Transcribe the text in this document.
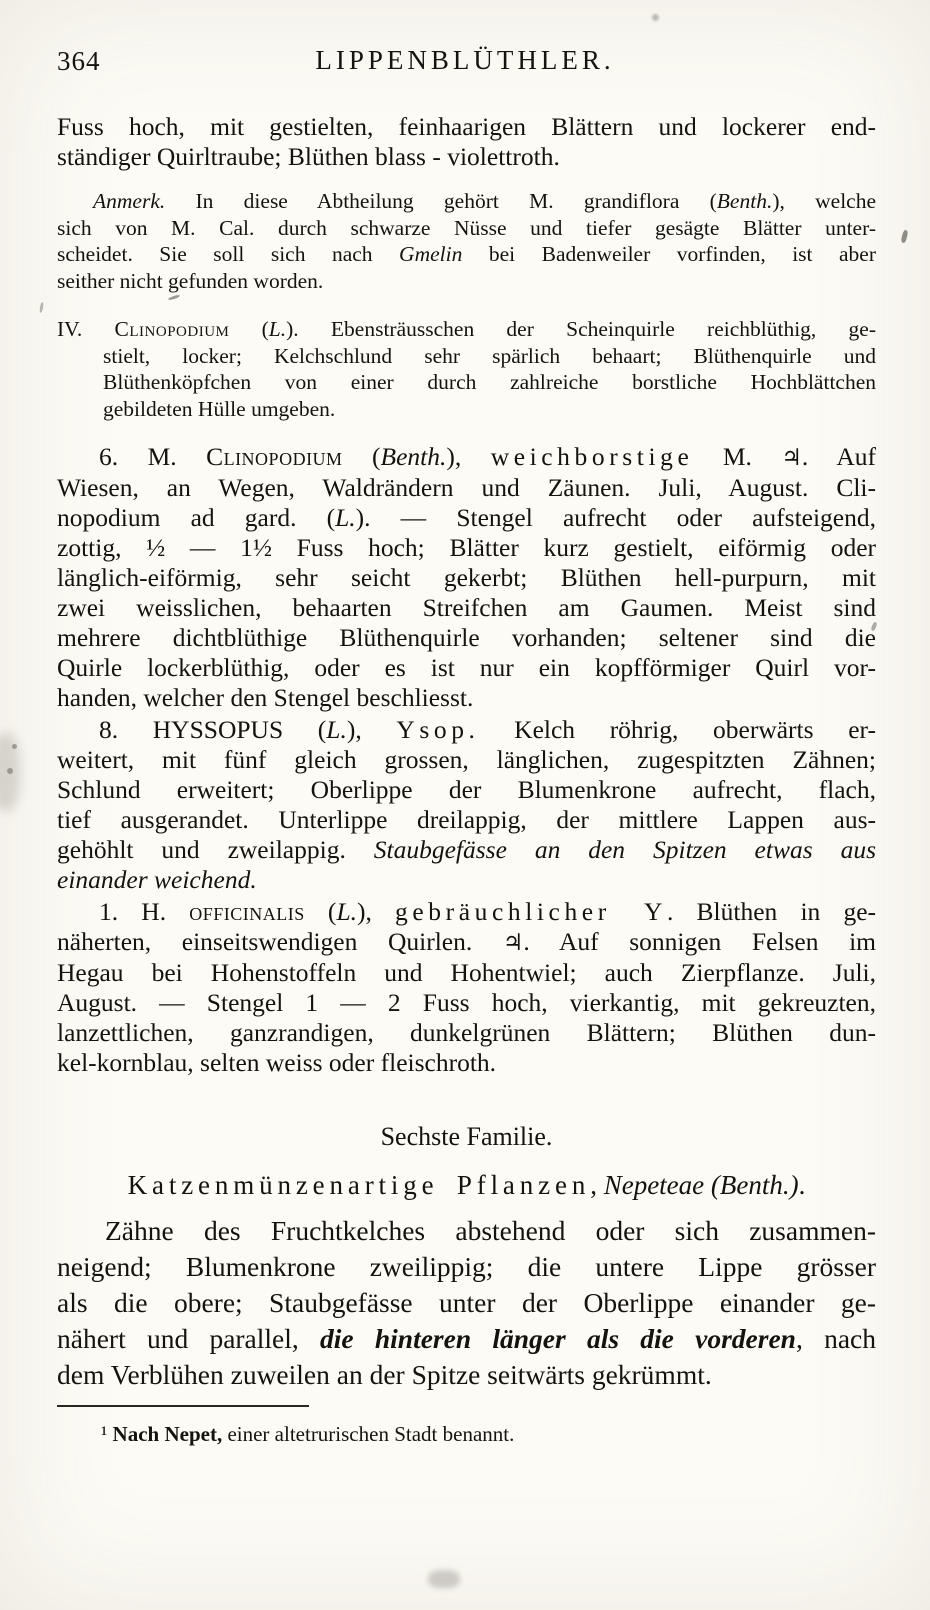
364	LIPPENBLÜTHLER.
Fuss hoch, mit gestielten, feinhaarigen Blättern und lockerer end-
ständiger Quirltraube; Blüthen blass - violettroth.
Anmerk. In diese Abtheilung gehört M. grandiflora (Benth.), welche
sich von M. Cal. durch schwarze Nüsse und tiefer gesägte Blätter unter-
scheidet. Sie soll sich nach Gmelin bei Badenweiler vorfinden, ist aber
seither nicht gefunden worden.
IV. Clinopodium (L.). Ebensträusschen der Scheinquirle reichblüthig, ge-
stielt, locker; Kelchschlund sehr spärlich behaart; Blüthenquirle und
Blüthenköpfchen von einer durch zahlreiche borstliche Hochblättchen
gebildeten Hülle umgeben.
6. M. Clinopodium (Benth.), weichborstige M. ♃. Auf
Wiesen, an Wegen, Waldrändern und Zäunen. Juli, August. Cli-
nopodium ad gard. (L.). — Stengel aufrecht oder aufsteigend,
zottig, ½ — 1½ Fuss hoch; Blätter kurz gestielt, eiförmig oder
länglich-eiförmig, sehr seicht gekerbt; Blüthen hell-purpurn, mit
zwei weisslichen, behaarten Streifchen am Gaumen. Meist sind
mehrere dichtblüthige Blüthenquirle vorhanden; seltener sind die
Quirle lockerblüthig, oder es ist nur ein kopfförmiger Quirl vor-
handen, welcher den Stengel beschliesst.
8. HYSSOPUS (L.), Ysop. Kelch röhrig, oberwärts er-
weitert, mit fünf gleich grossen, länglichen, zugespitzten Zähnen;
Schlund erweitert; Oberlippe der Blumenkrone aufrecht, flach,
tief ausgerandet. Unterlippe dreilappig, der mittlere Lappen aus-
gehöhlt und zweilappig. Staubgefässe an den Spitzen etwas aus
einander weichend.
1. H. officinalis (L.), gebräuchlicher Y. Blüthen in ge-
näherten, einseitswendigen Quirlen. ♃. Auf sonnigen Felsen im
Hegau bei Hohenstoffeln und Hohentwiel; auch Zierpflanze. Juli,
August. — Stengel 1 — 2 Fuss hoch, vierkantig, mit gekreuzten,
lanzettlichen, ganzrandigen, dunkelgrünen Blättern; Blüthen dun-
kel-kornblau, selten weiss oder fleischroth.
Sechste Familie.
Katzenmünzenartige Pflanzen, Nepeteae (Benth.).
Zähne des Fruchtkelches abstehend oder sich zusammen-
neigend; Blumenkrone zweilippig; die untere Lippe grösser
als die obere; Staubgefässe unter der Oberlippe einander ge-
nähert und parallel, die hinteren länger als die vorderen, nach
dem Verblühen zuweilen an der Spitze seitwärts gekrümmt.
¹ Nach Nepet, einer altetrurischen Stadt benannt.
